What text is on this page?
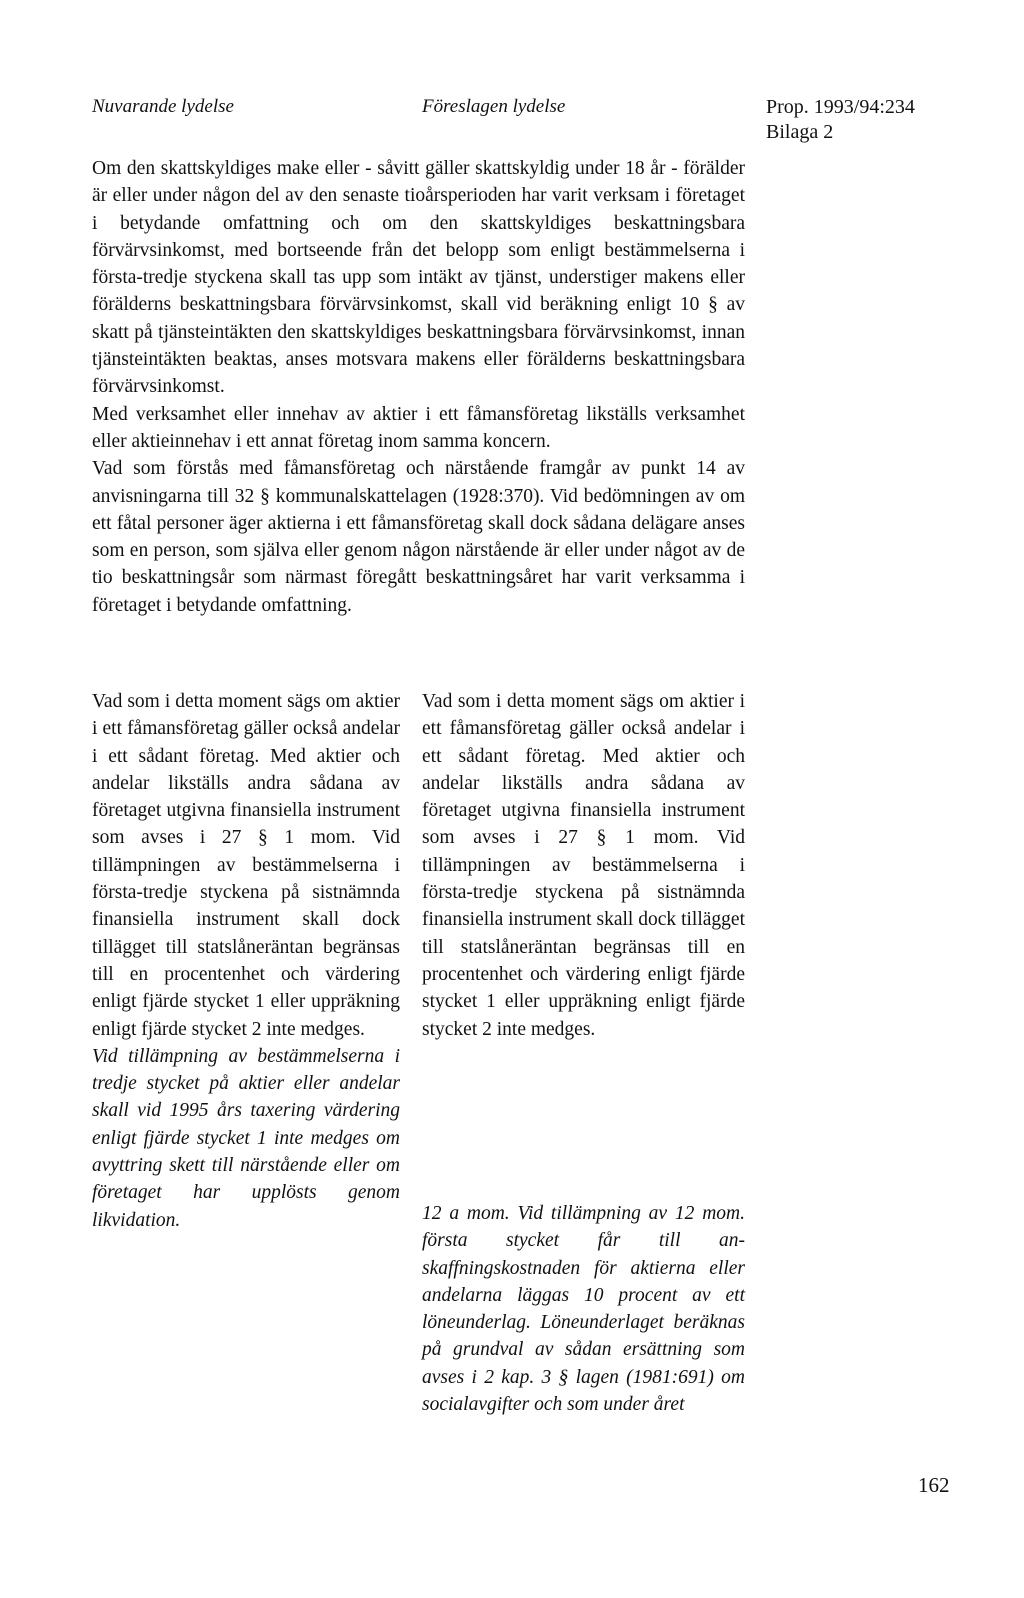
Nuvarande lydelse	Föreslagen lydelse	Prop. 1993/94:234
Bilaga 2

Om den skattskyldiges make eller - såvitt gäller skattskyldig under 18 år - förälder är eller under någon del av den senaste tioårsperioden har varit verksam i företaget i betydande omfattning och om den skattskyldiges beskattningsbara förvärvsinkomst, med bortseende från det belopp som enligt bestämmelserna i första-tredje styckena skall tas upp som intäkt av tjänst, understiger makens eller förälderns beskattningsbara förvärvsinkomst, skall vid beräkning enligt 10 § av skatt på tjänsteintäkten den skattskyldiges beskattningsbara förvärvsinkomst, innan tjänsteintäkten beaktas, anses motsvara makens eller förälderns beskattningsbara förvärvsinkomst.

Med verksamhet eller innehav av aktier i ett fåmansföretag likställs verksamhet eller aktieinnehav i ett annat företag inom samma koncern.

Vad som förstås med fåmansföretag och närstående framgår av punkt 14 av anvisningarna till 32 § kommunalskattelagen (1928:370). Vid bedömningen av om ett fåtal personer äger aktierna i ett fåmansföretag skall dock sådana delägare anses som en person, som själva eller genom någon närstående är eller under något av de tio beskattningsår som närmast föregått beskattningsåret har varit verksamma i företaget i betydande omfattning.

Vad som i detta moment sägs om aktier i ett fåmansföretag gäller också andelar i ett sådant företag. Med aktier och andelar likställs andra sådana av företaget utgivna finansiella instrument som avses i 27 § 1 mom. Vid tillämpningen av bestämmelserna i första-tredje styckena på sistnämnda finansiella instrument skall dock tillägget till statslåneräntan begränsas till en procentenhet och värdering enligt fjärde stycket 1 eller uppräkning enligt fjärde stycket 2 inte medges.

Vid tillämpning av bestämmelserna i tredje stycket på aktier eller andelar skall vid 1995 års taxering värdering enligt fjärde stycket 1 inte medges om avyttring skett till närstående eller om företaget har upplösts genom likvidation.

Vad som i detta moment sägs om aktier i ett fåmansföretag gäller också andelar i ett sådant företag. Med aktier och andelar likställs andra sådana av företaget utgivna finansiella instrument som avses i 27 § 1 mom. Vid tillämpningen av bestämmelserna i första-tredje styckena på sistnämnda finansiella instrument skall dock tillägget till statslåneräntan begränsas till en procentenhet och värdering enligt fjärde stycket 1 eller uppräkning enligt fjärde stycket 2 inte medges.

12 a mom. Vid tillämpning av 12 mom. första stycket får till anskaffningskostnaden för aktierna eller andelarna läggas 10 procent av ett löneunderlag. Löneunderlaget beräknas på grundval av sådan ersättning som avses i 2 kap. 3 § lagen (1981:691) om socialavgifter och som under året

162
